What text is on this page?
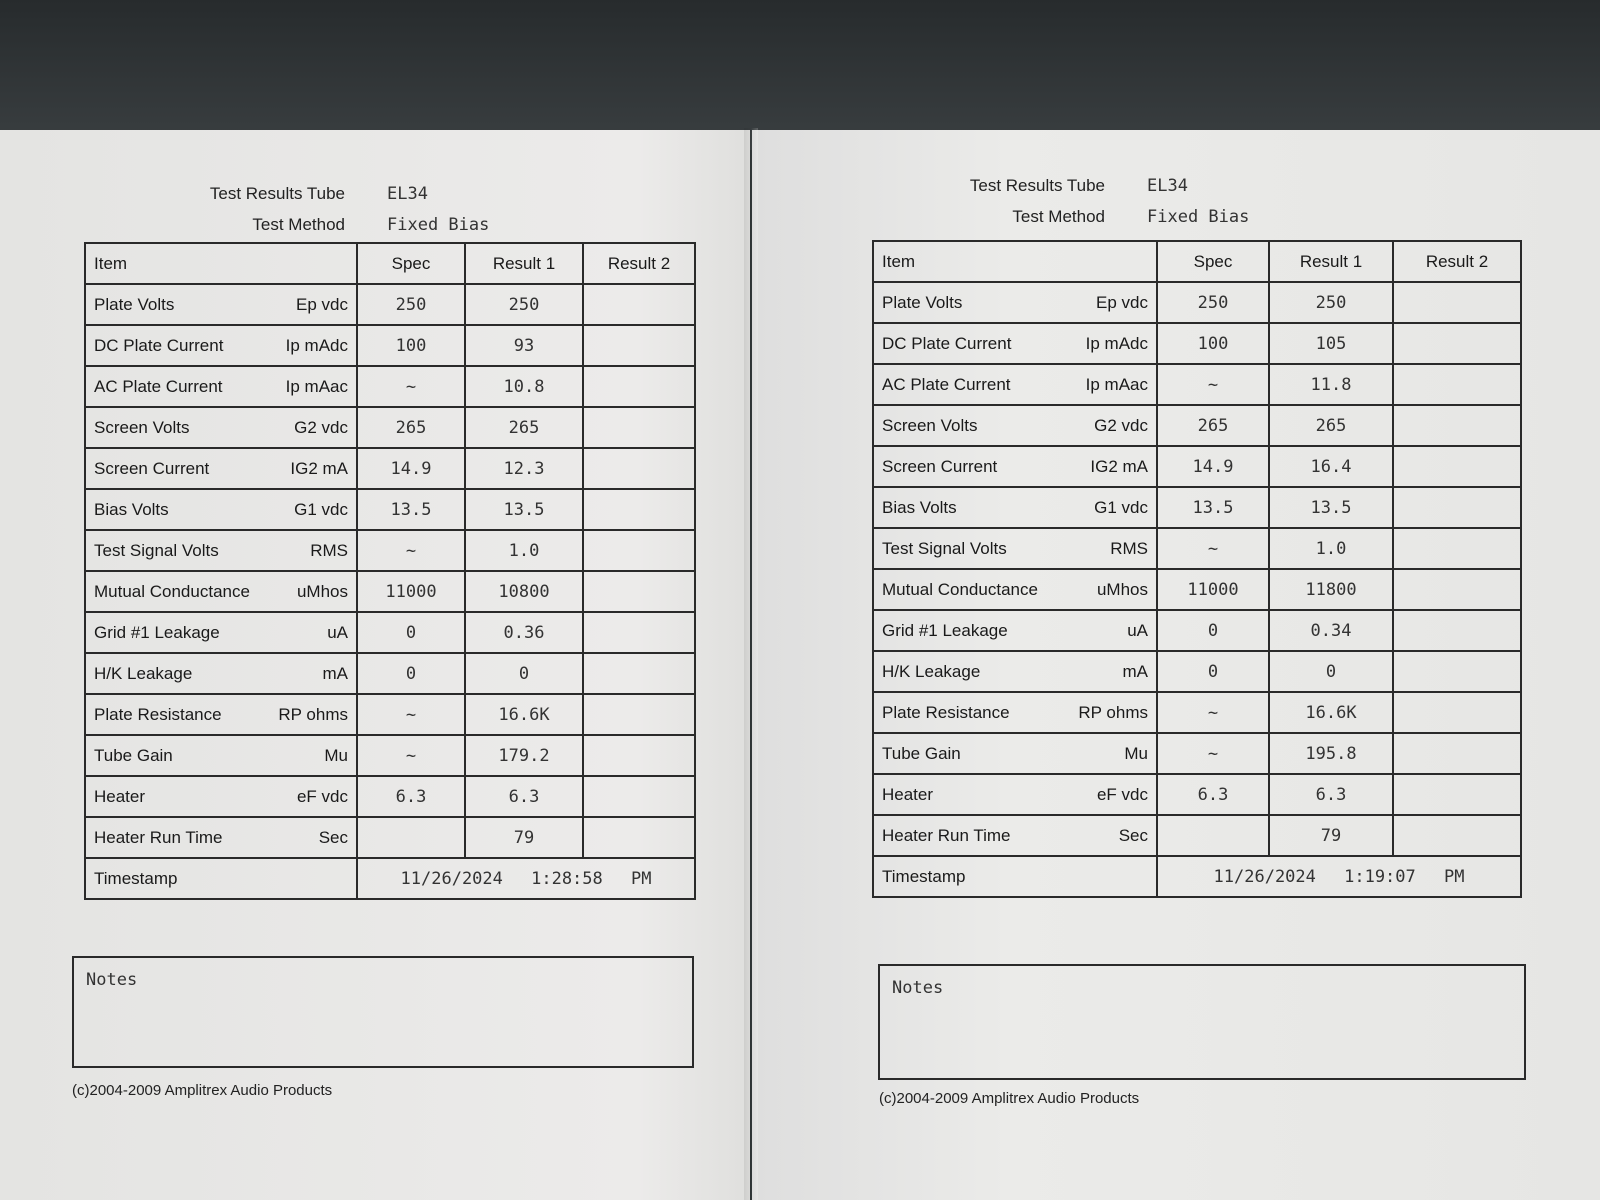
Test Results Tube EL34
Test Method Fixed Bias
Item	Spec	Result 1	Result 2

Plate Volts Ep vdc	250	250	

DC Plate Current Ip mAdc	100	93	

AC Plate Current Ip mAac	~	10.8	

Screen Volts G2 vdc	265	265	

Screen Current IG2 mA	14.9	12.3	

Bias Volts G1 vdc	13.5	13.5	

Test Signal Volts RMS	~	1.0	

Mutual Conductance uMhos	11000	10800	

Grid #1 Leakage uA	0	0.36	

H/K Leakage mA	0	0	

Plate Resistance RP ohms	~	16.6K	

Tube Gain Mu	~	179.2	

Heater eF vdc	6.3	6.3	

Heater Run Time Sec		79	
Timestamp	11/26/2024 1:28:58 PM		
Notes
(c)2004-2009 Amplitrex Audio Products
Test Results Tube EL34
Test Method Fixed Bias
Item	Spec	Result 1	Result 2

Plate Volts Ep vdc	250	250	

DC Plate Current Ip mAdc	100	105	

AC Plate Current Ip mAac	~	11.8	

Screen Volts G2 vdc	265	265	

Screen Current IG2 mA	14.9	16.4	

Bias Volts G1 vdc	13.5	13.5	

Test Signal Volts RMS	~	1.0	

Mutual Conductance uMhos	11000	11800	

Grid #1 Leakage uA	0	0.34	

H/K Leakage mA	0	0	

Plate Resistance RP ohms	~	16.6K	

Tube Gain Mu	~	195.8	

Heater eF vdc	6.3	6.3	

Heater Run Time Sec		79	
Timestamp	11/26/2024 1:19:07 PM		
Notes
(c)2004-2009 Amplitrex Audio Products
